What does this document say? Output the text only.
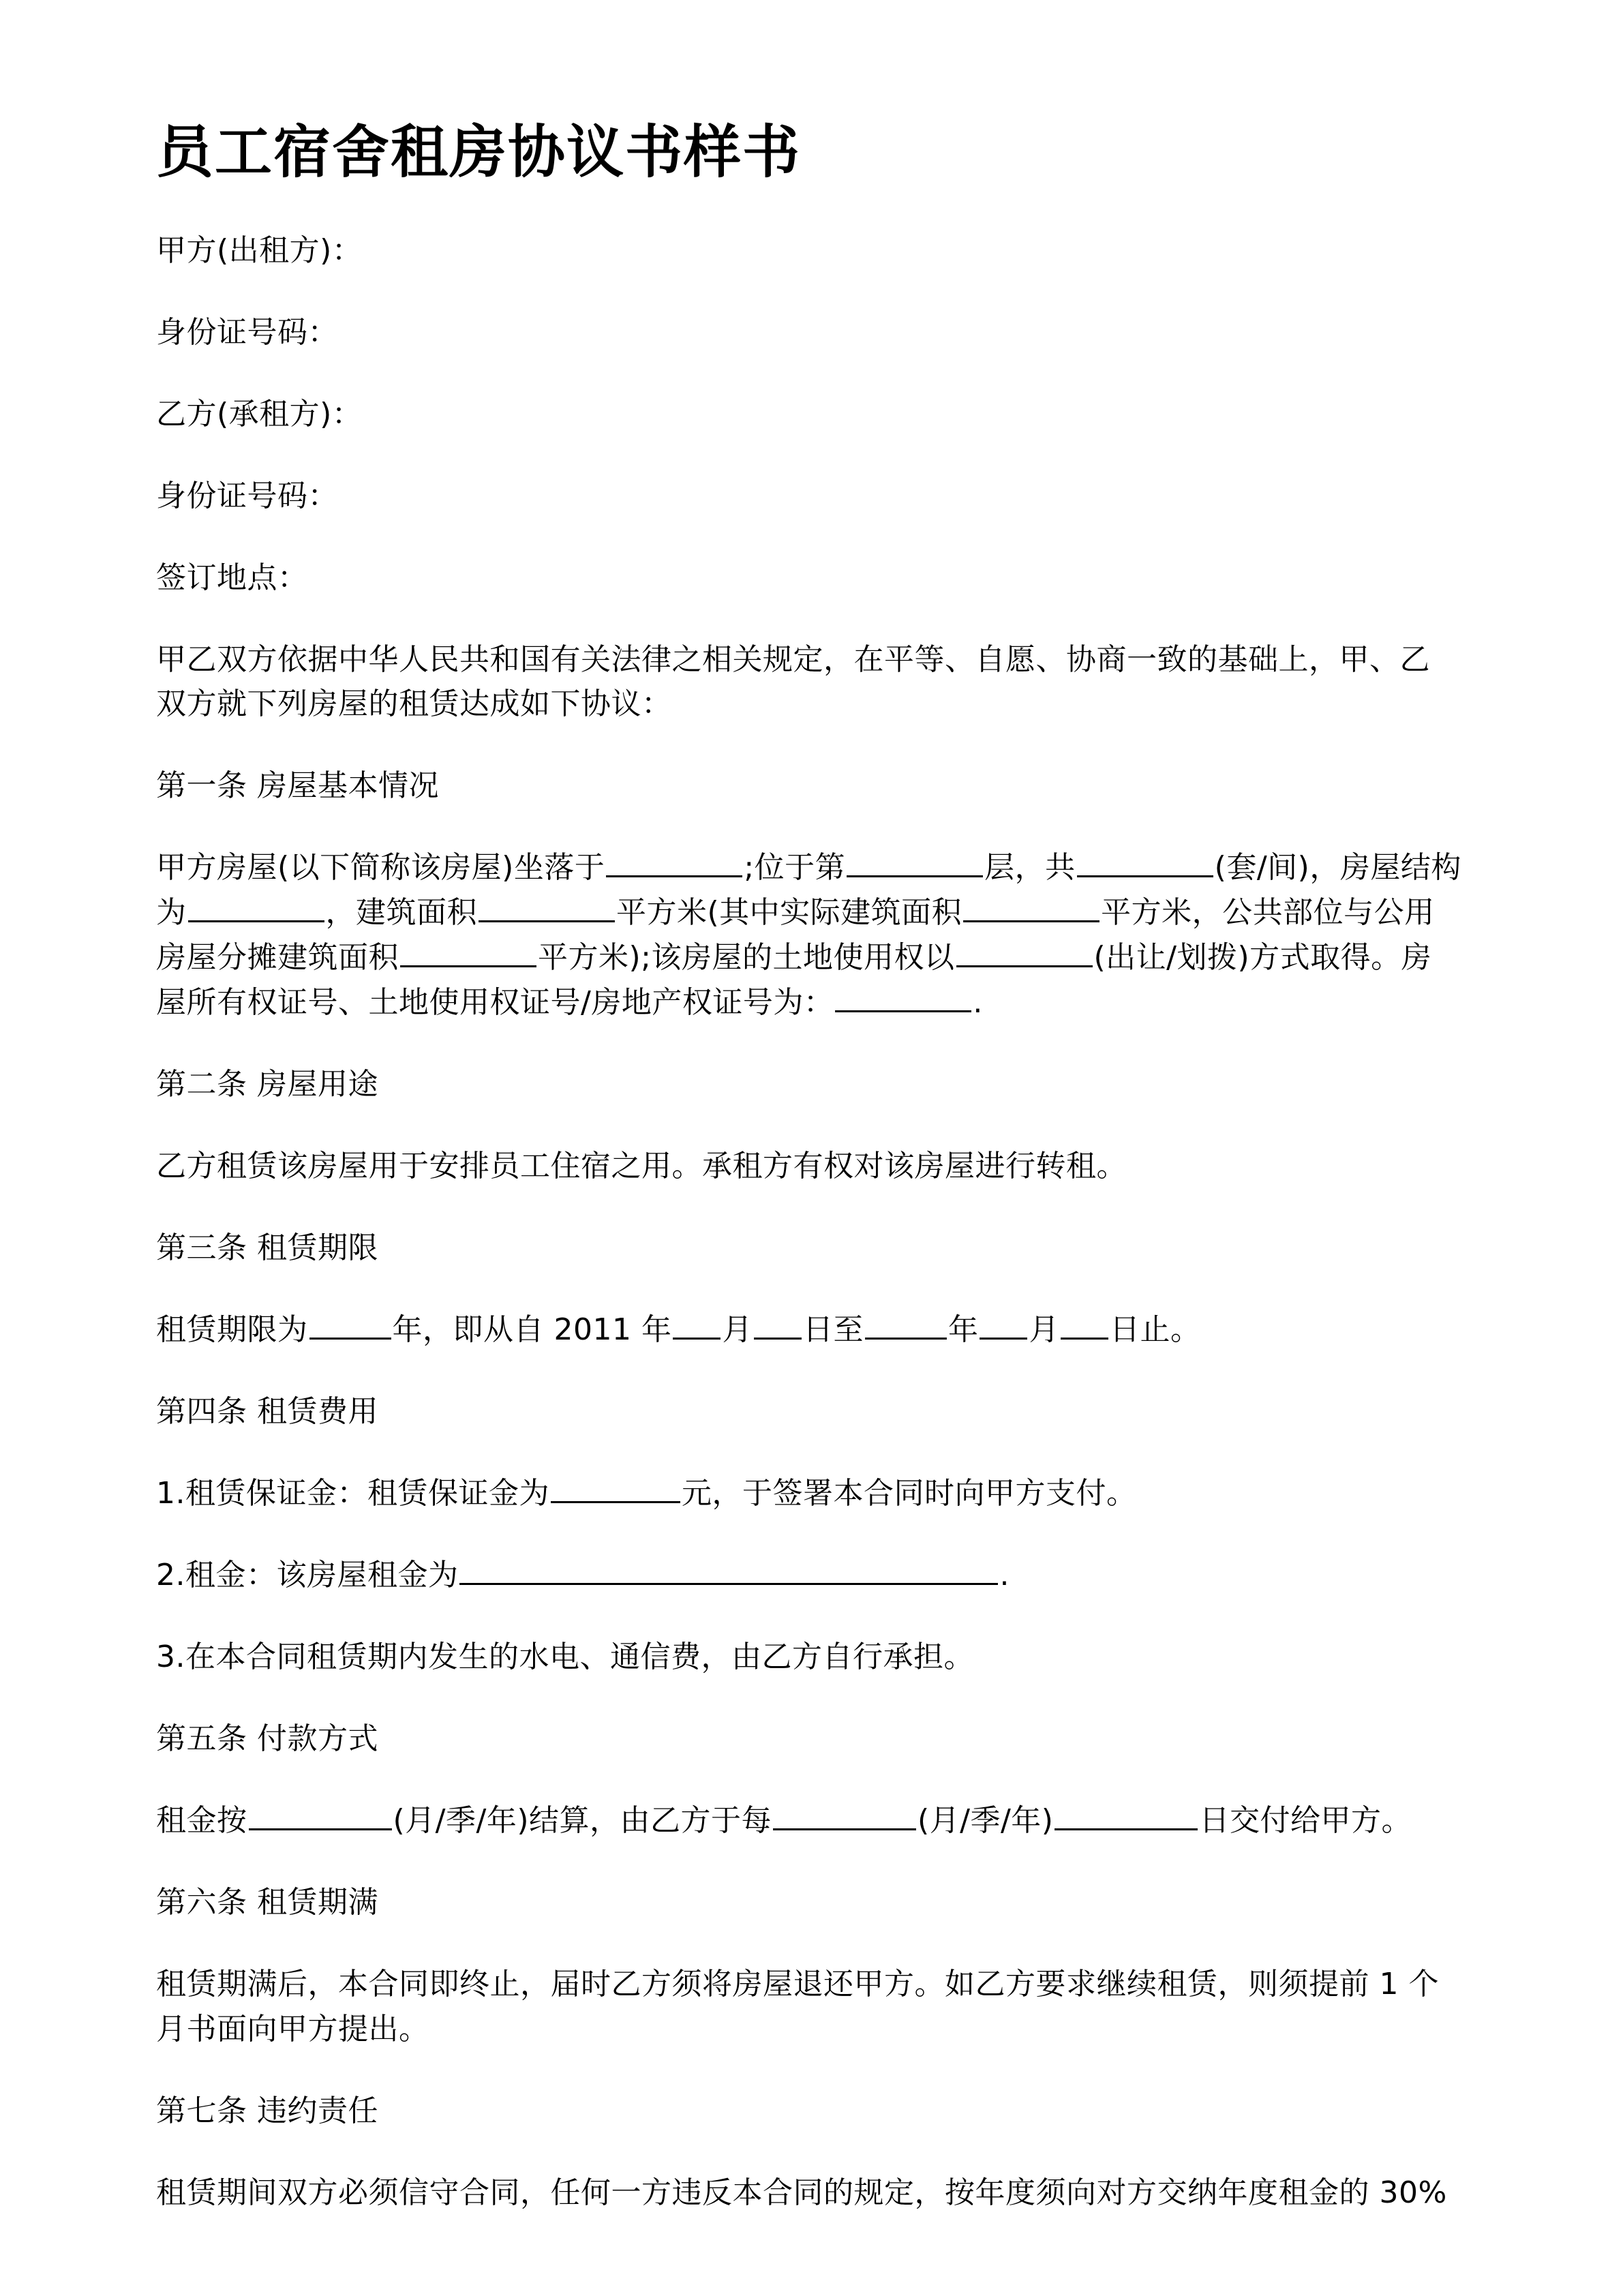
员工宿舍租房协议书样书
甲方(出租方)：
身份证号码：
乙方(承租方)：
身份证号码：
签订地点：
甲乙双方依据中华人民共和国有关法律之相关规定，在平等、自愿、协商一致的基础上，甲、乙
双方就下列房屋的租赁达成如下协议：
第一条 房屋基本情况
甲方房屋(以下简称该房屋)坐落于	;位于第	层，共	(套/间)，房屋结构
为	，建筑面积	平方米(其中实际建筑面积	平方米，公共部位与公用
房屋分摊建筑面积	平方米);该房屋的土地使用权以	(出让/划拨)方式取得。房
屋所有权证号、土地使用权证号/房地产权证号为：	.
第二条 房屋用途
乙方租赁该房屋用于安排员工住宿之用。承租方有权对该房屋进行转租。
第三条 租赁期限
租赁期限为	年，即从自 2011 年 月 日至	年 月 日止。
第四条 租赁费用
1.租赁保证金：租赁保证金为	元，于签署本合同时向甲方支付。
2.租金：该房屋租金为	.
3.在本合同租赁期内发生的水电、通信费，由乙方自行承担。
第五条 付款方式
租金按	(月/季/年)结算，由乙方于每	(月/季/年)	日交付给甲方。
第六条 租赁期满
租赁期满后，本合同即终止，届时乙方须将房屋退还甲方。如乙方要求继续租赁，则须提前 1 个
月书面向甲方提出。
第七条 违约责任
租赁期间双方必须信守合同，任何一方违反本合同的规定，按年度须向对方交纳年度租金的 30%
